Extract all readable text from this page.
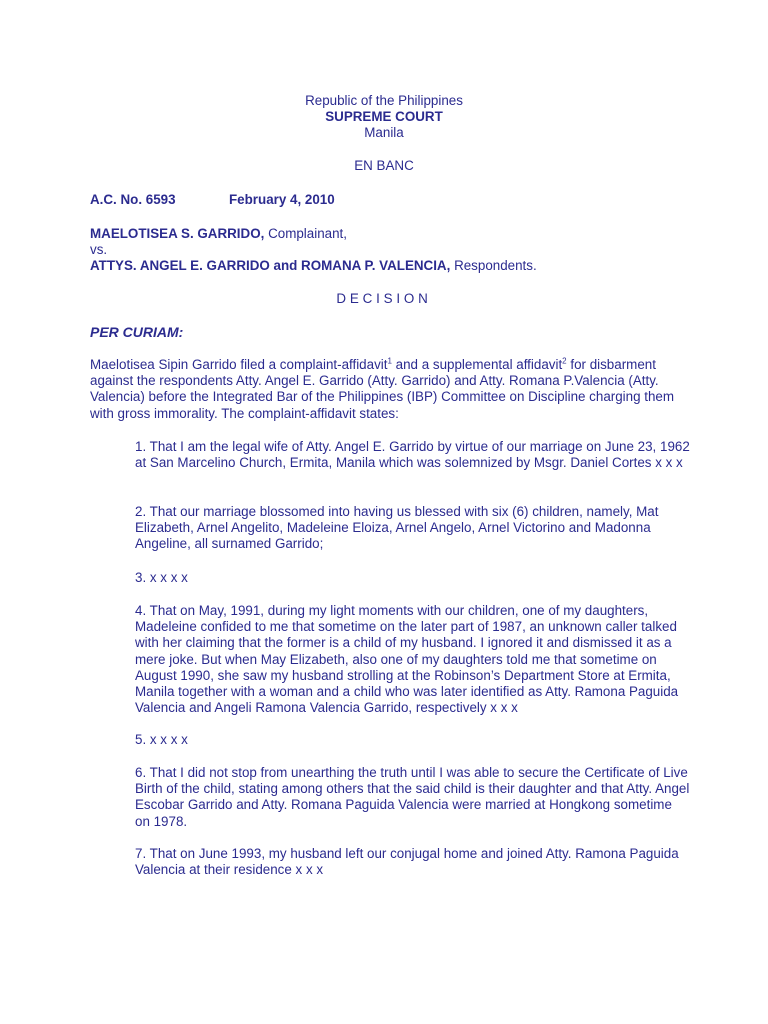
Republic of the Philippines
SUPREME COURT
Manila
EN BANC
A.C. No. 6593	February 4, 2010
MAELOTISEA S. GARRIDO, Complainant,
vs.
ATTYS. ANGEL E. GARRIDO and ROMANA P. VALENCIA, Respondents.
DECISION
PER CURIAM:
Maelotisea Sipin Garrido filed a complaint-affidavit$^1$ and a supplemental affidavit$^2$ for disbarment against the respondents Atty. Angel E. Garrido (Atty. Garrido) and Atty. Romana P.Valencia (Atty. Valencia) before the Integrated Bar of the Philippines (IBP) Committee on Discipline charging them with gross immorality. The complaint-affidavit states:
1. That I am the legal wife of Atty. Angel E. Garrido by virtue of our marriage on June 23, 1962 at San Marcelino Church, Ermita, Manila which was solemnized by Msgr. Daniel Cortes x x x
2. That our marriage blossomed into having us blessed with six (6) children, namely, Mat Elizabeth, Arnel Angelito, Madeleine Eloiza, Arnel Angelo, Arnel Victorino and Madonna Angeline, all surnamed Garrido;
3. x x x x
4. That on May, 1991, during my light moments with our children, one of my daughters, Madeleine confided to me that sometime on the later part of 1987, an unknown caller talked with her claiming that the former is a child of my husband. I ignored it and dismissed it as a mere joke. But when May Elizabeth, also one of my daughters told me that sometime on August 1990, she saw my husband strolling at the Robinson’s Department Store at Ermita, Manila together with a woman and a child who was later identified as Atty. Ramona Paguida Valencia and Angeli Ramona Valencia Garrido, respectively x x x
5. x x x x
6. That I did not stop from unearthing the truth until I was able to secure the Certificate of Live Birth of the child, stating among others that the said child is their daughter and that Atty. Angel Escobar Garrido and Atty. Romana Paguida Valencia were married at Hongkong sometime on 1978.
7. That on June 1993, my husband left our conjugal home and joined Atty. Ramona Paguida Valencia at their residence x x x
